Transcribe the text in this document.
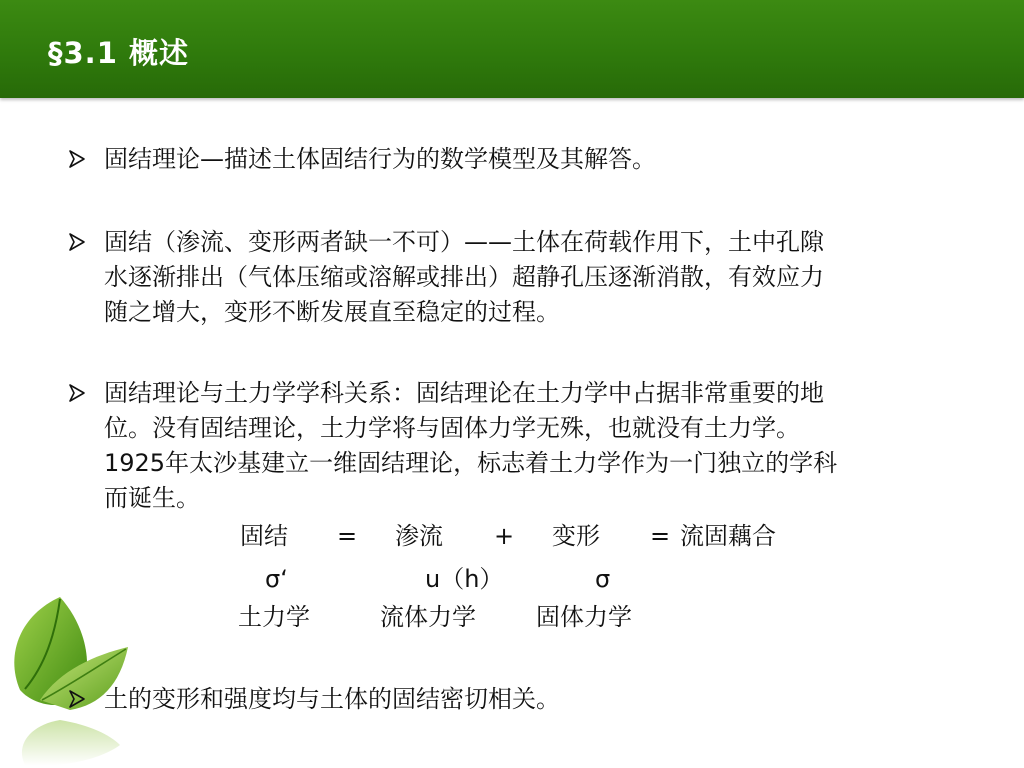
§3.1 概述
固结理论—描述土体固结行为的数学模型及其解答。
固结（渗流、变形两者缺一不可）——土体在荷载作用下，土中孔隙
水逐渐排出（气体压缩或溶解或排出）超静孔压逐渐消散，有效应力
随之增大，变形不断发展直至稳定的过程。
固结理论与土力学学科关系：固结理论在土力学中占据非常重要的地
位。没有固结理论，土力学将与固体力学无殊，也就没有土力学。
1925年太沙基建立一维固结理论，标志着土力学作为一门独立的学科
而诞生。
固结 = 渗流 + 变形 = 流固藕合
σ‘	u（h）	σ
土力学	流体力学	固体力学
土的变形和强度均与土体的固结密切相关。
